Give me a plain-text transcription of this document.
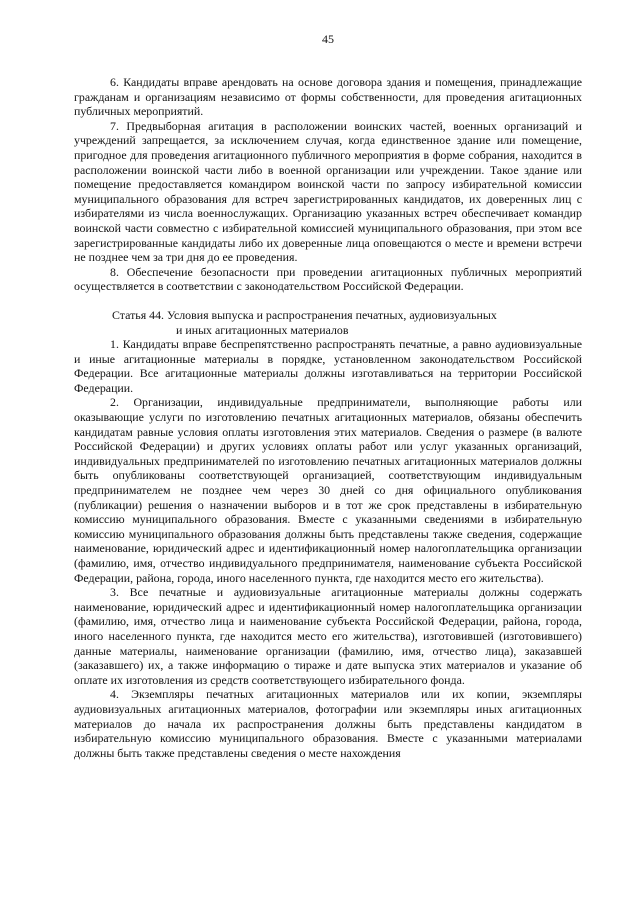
45

6. Кандидаты вправе арендовать на основе договора здания и помещения, принадлежащие гражданам и организациям независимо от формы собственности, для проведения агитационных публичных мероприятий.

7. Предвыборная агитация в расположении воинских частей, военных организаций и учреждений запрещается, за исключением случая, когда единственное здание или помещение, пригодное для проведения агитационного публичного мероприятия в форме собрания, находится в расположении воинской части либо в военной организации или учреждении. Такое здание или помещение предоставляется командиром воинской части по запросу избирательной комиссии муниципального образования для встреч зарегистрированных кандидатов, их доверенных лиц с избирателями из числа военнослужащих. Организацию указанных встреч обеспечивает командир воинской части совместно с избирательной комиссией муниципального образования, при этом все зарегистрированные кандидаты либо их доверенные лица оповещаются о месте и времени встречи не позднее чем за три дня до ее проведения.

8. Обеспечение безопасности при проведении агитационных публичных мероприятий осуществляется в соответствии с законодательством Российской Федерации.

Статья 44. Условия выпуска и распространения печатных, аудиовизуальных
и иных агитационных материалов

1. Кандидаты вправе беспрепятственно распространять печатные, а равно аудиовизуальные и иные агитационные материалы в порядке, установленном законодательством Российской Федерации. Все агитационные материалы должны изготавливаться на территории Российской Федерации.

2. Организации, индивидуальные предприниматели, выполняющие работы или оказывающие услуги по изготовлению печатных агитационных материалов, обязаны обеспечить кандидатам равные условия оплаты изготовления этих материалов. Сведения о размере (в валюте Российской Федерации) и других условиях оплаты работ или услуг указанных организаций, индивидуальных предпринимателей по изготовлению печатных агитационных материалов должны быть опубликованы соответствующей организацией, соответствующим индивидуальным предпринимателем не позднее чем через 30 дней со дня официального опубликования (публикации) решения о назначении выборов и в тот же срок представлены в избирательную комиссию муниципального образования. Вместе с указанными сведениями в избирательную комиссию муниципального образования должны быть представлены также сведения, содержащие наименование, юридический адрес и идентификационный номер налогоплательщика организации (фамилию, имя, отчество индивидуального предпринимателя, наименование субъекта Российской Федерации, района, города, иного населенного пункта, где находится место его жительства).

3. Все печатные и аудиовизуальные агитационные материалы должны содержать наименование, юридический адрес и идентификационный номер налогоплательщика организации (фамилию, имя, отчество лица и наименование субъекта Российской Федерации, района, города, иного населенного пункта, где находится место его жительства), изготовившей (изготовившего) данные материалы, наименование организации (фамилию, имя, отчество лица), заказавшей (заказавшего) их, а также информацию о тираже и дате выпуска этих материалов и указание об оплате их изготовления из средств соответствующего избирательного фонда.

4. Экземпляры печатных агитационных материалов или их копии, экземпляры аудиовизуальных агитационных материалов, фотографии или экземпляры иных агитационных материалов до начала их распространения должны быть представлены кандидатом в избирательную комиссию муниципального образования. Вместе с указанными материалами должны быть также представлены сведения о месте нахождения
